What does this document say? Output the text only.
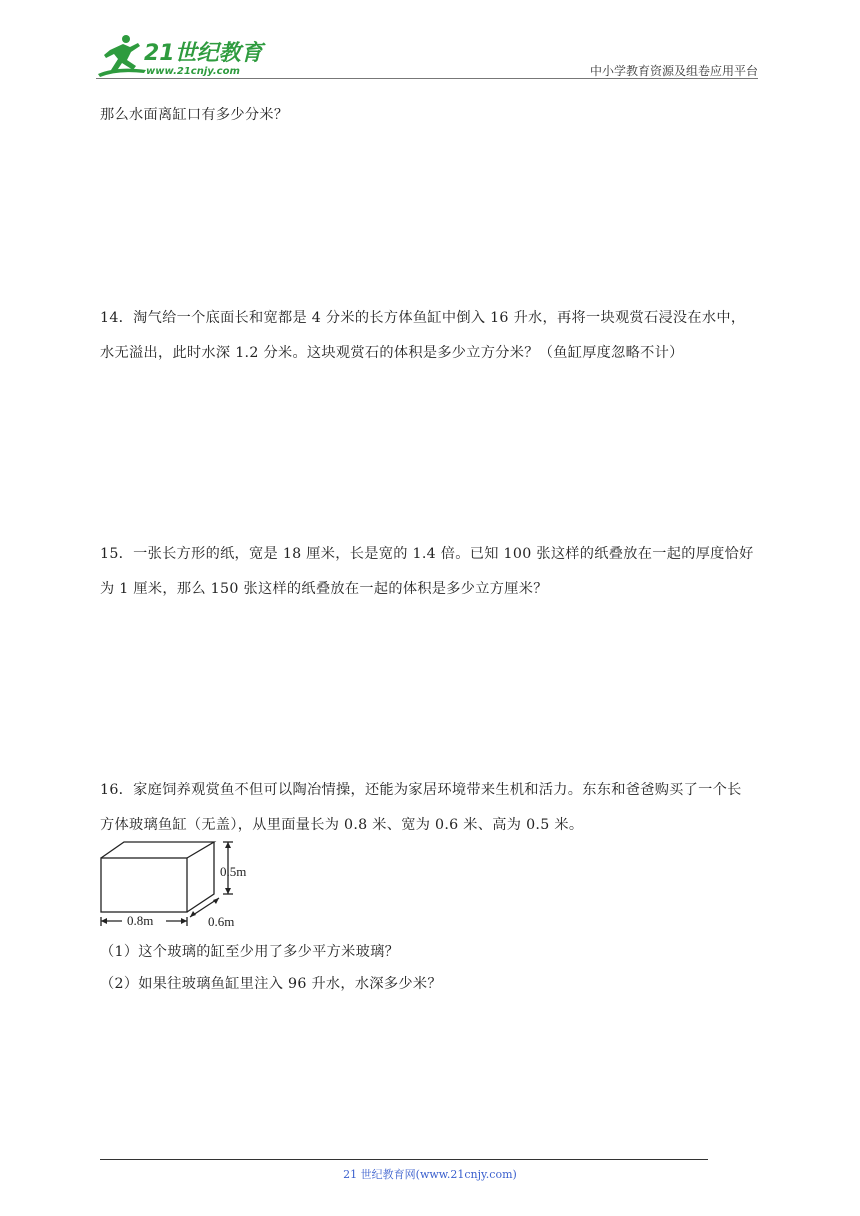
21世纪教育
www.21cnjy.com	中小学教育资源及组卷应用平台
那么水面离缸口有多少分米？
14．淘气给一个底面长和宽都是 4 分米的长方体鱼缸中倒入 16 升水，再将一块观赏石浸没在水中，
水无溢出，此时水深 1.2 分米。这块观赏石的体积是多少立方分米？（鱼缸厚度忽略不计）
15．一张长方形的纸，宽是 18 厘米，长是宽的 1.4 倍。已知 100 张这样的纸叠放在一起的厚度恰好
为 1 厘米，那么 150 张这样的纸叠放在一起的体积是多少立方厘米？
16．家庭饲养观赏鱼不但可以陶冶情操，还能为家居环境带来生机和活力。东东和爸爸购买了一个长
方体玻璃鱼缸（无盖），从里面量长为 0.8 米、宽为 0.6 米、高为 0.5 米。
0.5m
0.8m	0.6m
（1）这个玻璃的缸至少用了多少平方米玻璃？
（2）如果往玻璃鱼缸里注入 96 升水，水深多少米？
21 世纪教育网(www.21cnjy.com)
